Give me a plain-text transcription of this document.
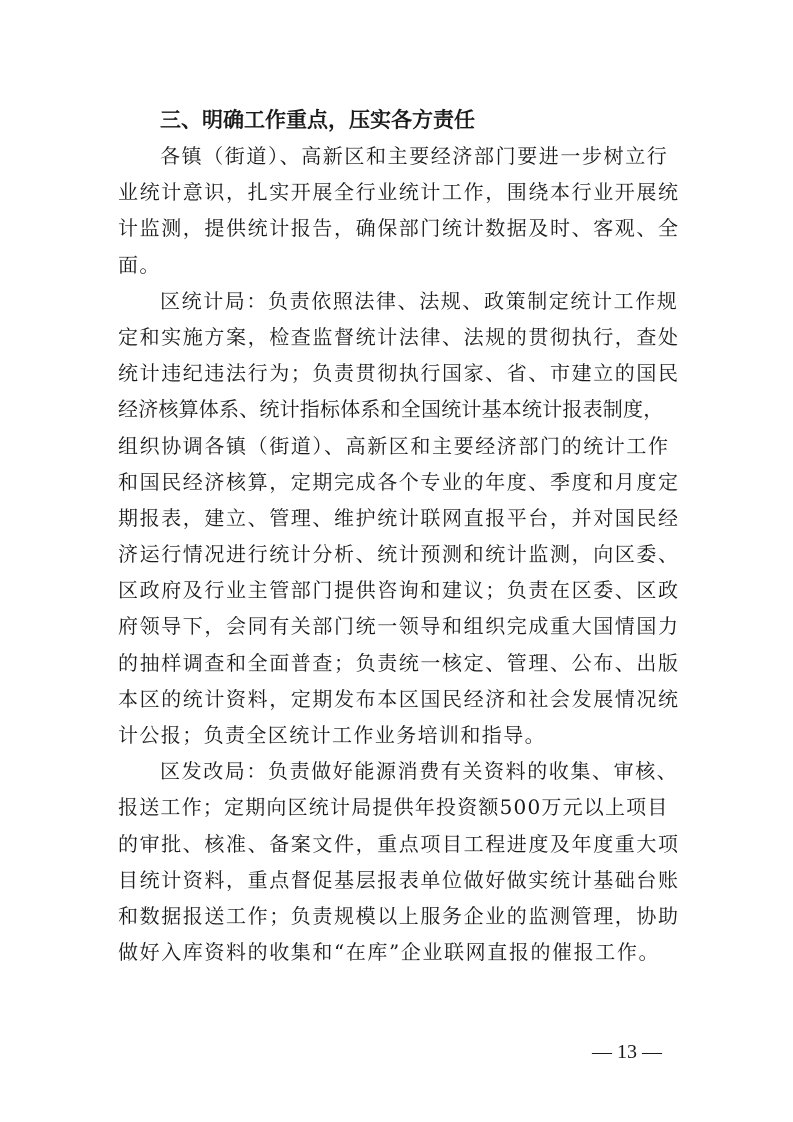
三、明确工作重点，压实各方责任

各镇（街道）、高新区和主要经济部门要进一步树立行
业统计意识，扎实开展全行业统计工作，围绕本行业开展统
计监测，提供统计报告，确保部门统计数据及时、客观、全
面。

区统计局：负责依照法律、法规、政策制定统计工作规
定和实施方案，检查监督统计法律、法规的贯彻执行，查处
统计违纪违法行为；负责贯彻执行国家、省、市建立的国民
经济核算体系、统计指标体系和全国统计基本统计报表制度，
组织协调各镇（街道）、高新区和主要经济部门的统计工作
和国民经济核算，定期完成各个专业的年度、季度和月度定
期报表，建立、管理、维护统计联网直报平台，并对国民经
济运行情况进行统计分析、统计预测和统计监测，向区委、
区政府及行业主管部门提供咨询和建议；负责在区委、区政
府领导下，会同有关部门统一领导和组织完成重大国情国力
的抽样调查和全面普查；负责统一核定、管理、公布、出版
本区的统计资料，定期发布本区国民经济和社会发展情况统
计公报；负责全区统计工作业务培训和指导。

区发改局：负责做好能源消费有关资料的收集、审核、
报送工作；定期向区统计局提供年投资额500万元以上项目
的审批、核准、备案文件，重点项目工程进度及年度重大项
目统计资料，重点督促基层报表单位做好做实统计基础台账
和数据报送工作；负责规模以上服务企业的监测管理，协助
做好入库资料的收集和“在库”企业联网直报的催报工作。

— 13 —
